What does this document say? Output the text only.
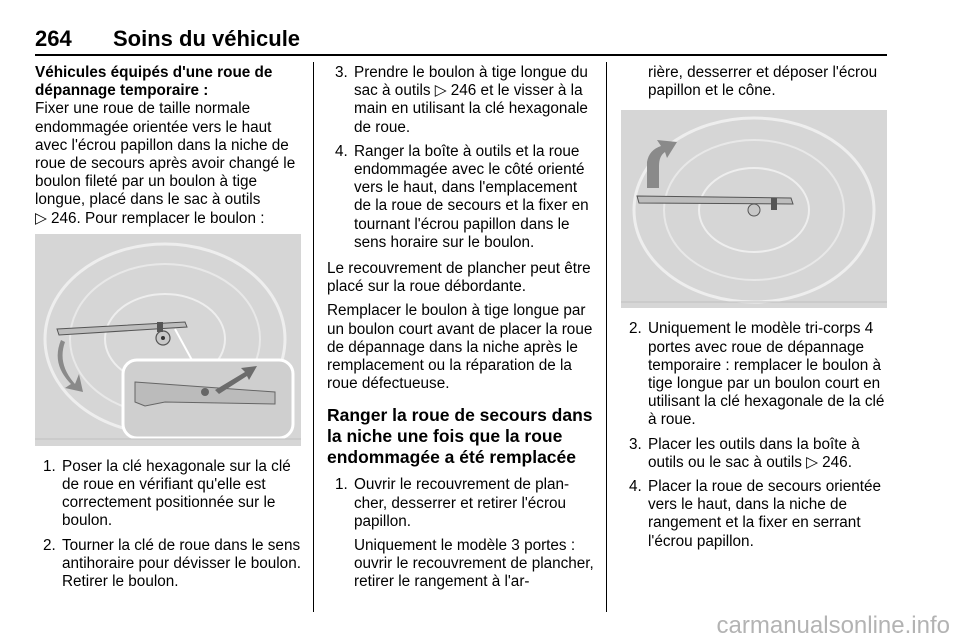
264 Soins du véhicule

Véhicules équipés d'une roue de dépannage temporaire :

Fixer une roue de taille normale endommagée orientée vers le haut avec l'écrou papillon dans la niche de roue de secours après avoir changé le boulon fileté par un boulon à tige longue, placé dans le sac à outils
▷ 246. Pour remplacer le boulon :

1. Poser la clé hexagonale sur la clé de roue en vérifiant qu'elle est correctement positionnée sur le boulon.
2. Tourner la clé de roue dans le sens antihoraire pour dévisser le boulon. Retirer le boulon.
3. Prendre le boulon à tige longue du sac à outils ▷ 246 et le visser à la main en utilisant la clé hexagonale de roue.
4. Ranger la boîte à outils et la roue endommagée avec le côté orienté vers le haut, dans l'emplacement de la roue de secours et la fixer en tournant l'écrou papillon dans le sens horaire sur le boulon.

Le recouvrement de plancher peut être placé sur la roue débordante.

Remplacer le boulon à tige longue par un boulon court avant de placer la roue de dépannage dans la niche après le remplacement ou la réparation de la roue défectueuse.

Ranger la roue de secours dans la niche une fois que la roue endommagée a été remplacée

1. Ouvrir le recouvrement de plancher, desserrer et retirer l'écrou papillon.

Uniquement le modèle 3 portes : ouvrir le recouvrement de plancher, retirer le rangement à l'ar-

rière, desserrer et déposer l'écrou papillon et le cône.

2. Uniquement le modèle tri-corps 4 portes avec roue de dépannage temporaire : remplacer le boulon à tige longue par un boulon court en utilisant la clé hexagonale de la clé à roue.
3. Placer les outils dans la boîte à outils ou le sac à outils ▷ 246.
4. Placer la roue de secours orientée vers le haut, dans la niche de rangement et la fixer en serrant l'écrou papillon.
carmanualsonline.info
